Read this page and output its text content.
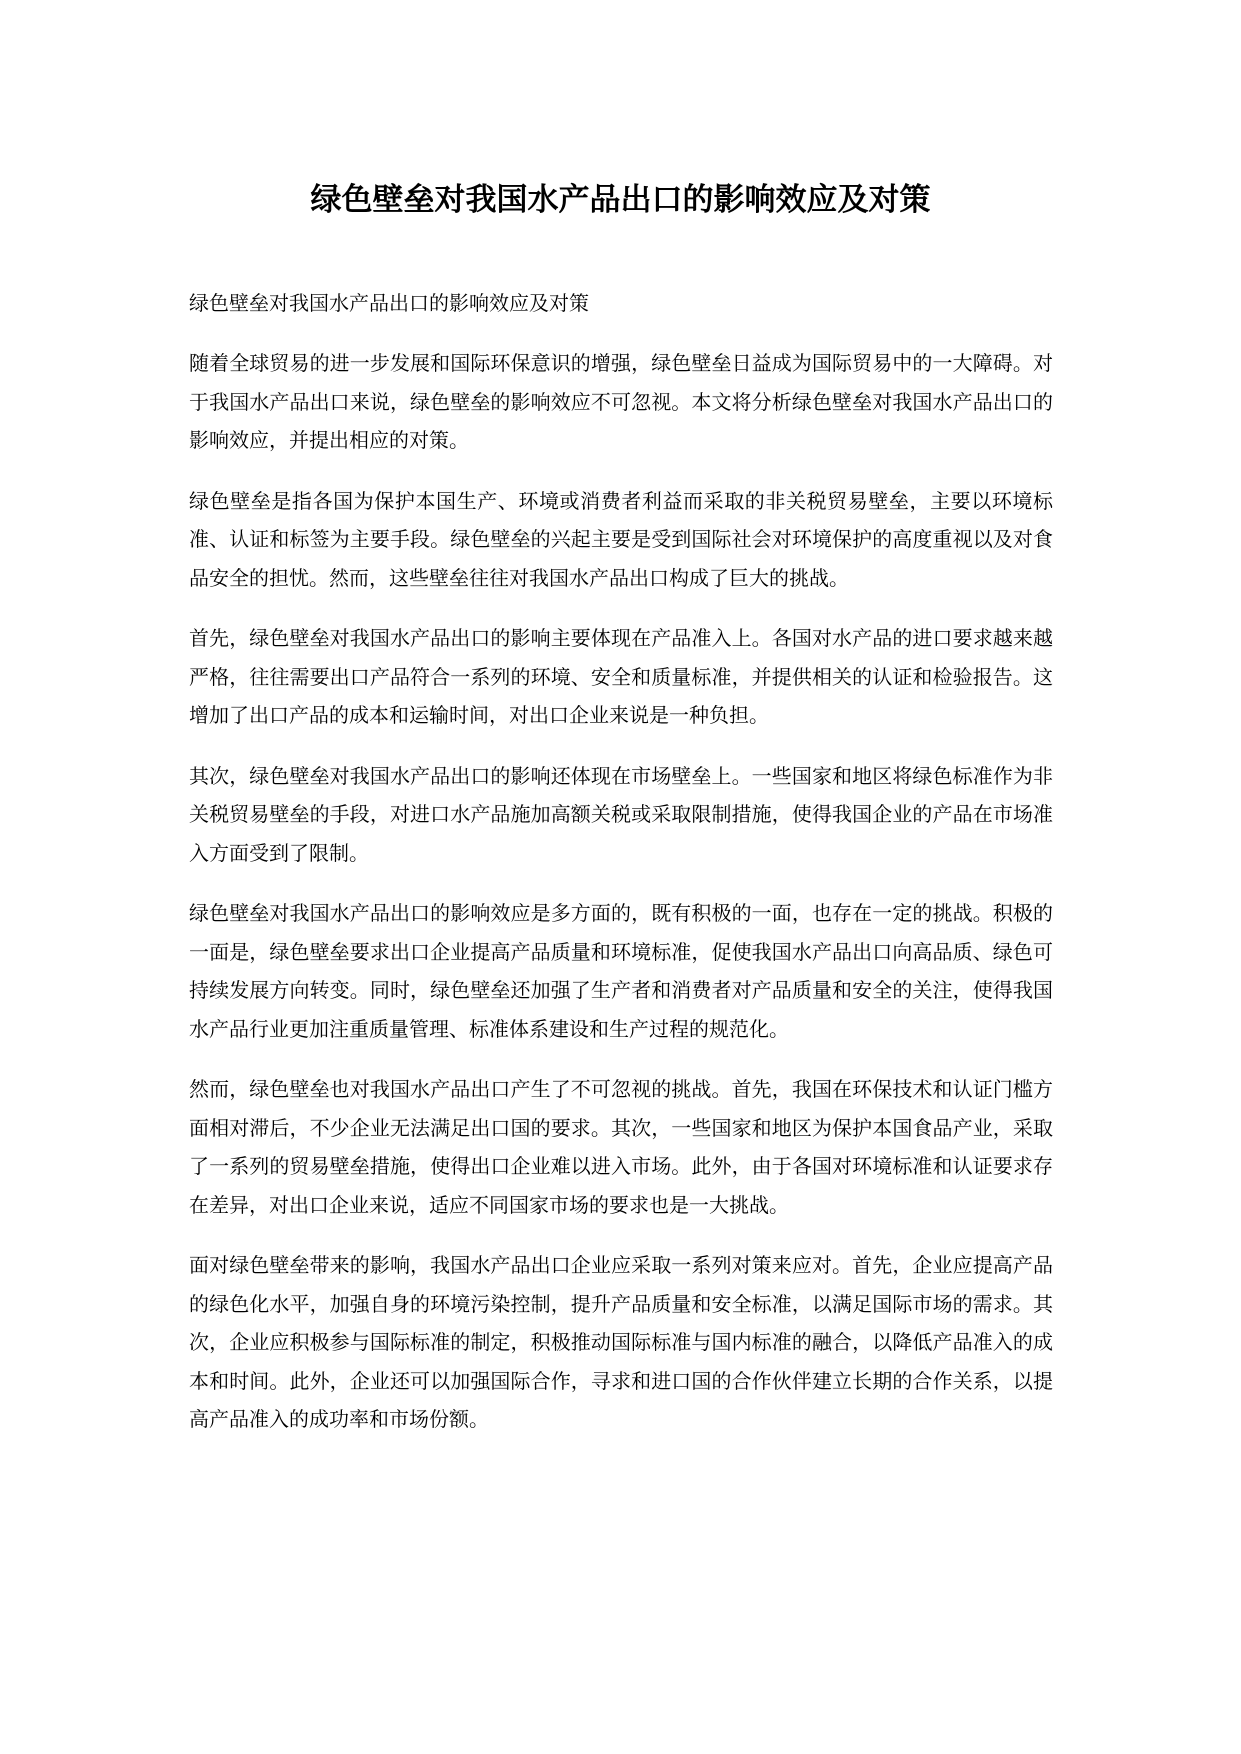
绿色壁垒对我国水产品出口的影响效应及对策

绿色壁垒对我国水产品出口的影响效应及对策

随着全球贸易的进一步发展和国际环保意识的增强，绿色壁垒日益成为国际贸易中的一大障碍。对于我国水产品出口来说，绿色壁垒的影响效应不可忽视。本文将分析绿色壁垒对我国水产品出口的影响效应，并提出相应的对策。

绿色壁垒是指各国为保护本国生产、环境或消费者利益而采取的非关税贸易壁垒，主要以环境标准、认证和标签为主要手段。绿色壁垒的兴起主要是受到国际社会对环境保护的高度重视以及对食品安全的担忧。然而，这些壁垒往往对我国水产品出口构成了巨大的挑战。

首先，绿色壁垒对我国水产品出口的影响主要体现在产品准入上。各国对水产品的进口要求越来越严格，往往需要出口产品符合一系列的环境、安全和质量标准，并提供相关的认证和检验报告。这增加了出口产品的成本和运输时间，对出口企业来说是一种负担。

其次，绿色壁垒对我国水产品出口的影响还体现在市场壁垒上。一些国家和地区将绿色标准作为非关税贸易壁垒的手段，对进口水产品施加高额关税或采取限制措施，使得我国企业的产品在市场准入方面受到了限制。

绿色壁垒对我国水产品出口的影响效应是多方面的，既有积极的一面，也存在一定的挑战。积极的一面是，绿色壁垒要求出口企业提高产品质量和环境标准，促使我国水产品出口向高品质、绿色可持续发展方向转变。同时，绿色壁垒还加强了生产者和消费者对产品质量和安全的关注，使得我国水产品行业更加注重质量管理、标准体系建设和生产过程的规范化。

然而，绿色壁垒也对我国水产品出口产生了不可忽视的挑战。首先，我国在环保技术和认证门槛方面相对滞后，不少企业无法满足出口国的要求。其次，一些国家和地区为保护本国食品产业，采取了一系列的贸易壁垒措施，使得出口企业难以进入市场。此外，由于各国对环境标准和认证要求存在差异，对出口企业来说，适应不同国家市场的要求也是一大挑战。

面对绿色壁垒带来的影响，我国水产品出口企业应采取一系列对策来应对。首先，企业应提高产品的绿色化水平，加强自身的环境污染控制，提升产品质量和安全标准，以满足国际市场的需求。其次，企业应积极参与国际标准的制定，积极推动国际标准与国内标准的融合，以降低产品准入的成本和时间。此外，企业还可以加强国际合作，寻求和进口国的合作伙伴建立长期的合作关系，以提高产品准入的成功率和市场份额。
